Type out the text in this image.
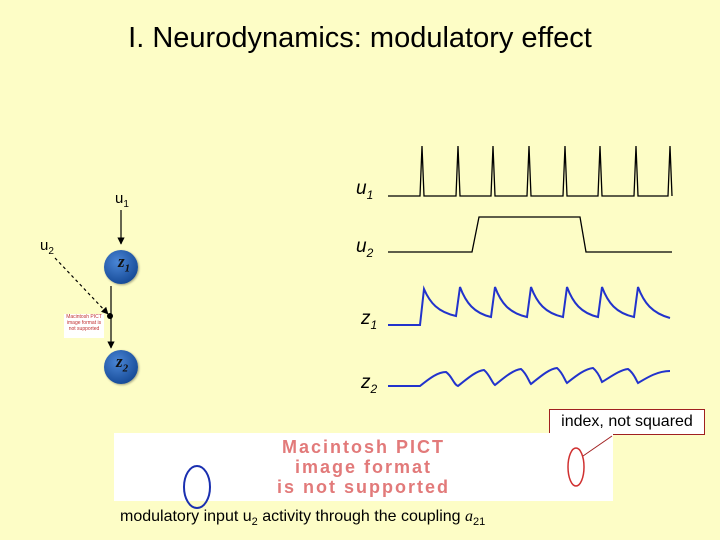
I. Neurodynamics: modulatory effect
$u_1$
$u_2$
$z_1$
$z_2$
Macintosh PICT image format is not supported
$u_1$
$u_2$
$z_1$
$z_2$
index, not squared
Macintosh PICT
image format
is not supported
modulatory input $u_2$ activity through the coupling $a_{21}$
